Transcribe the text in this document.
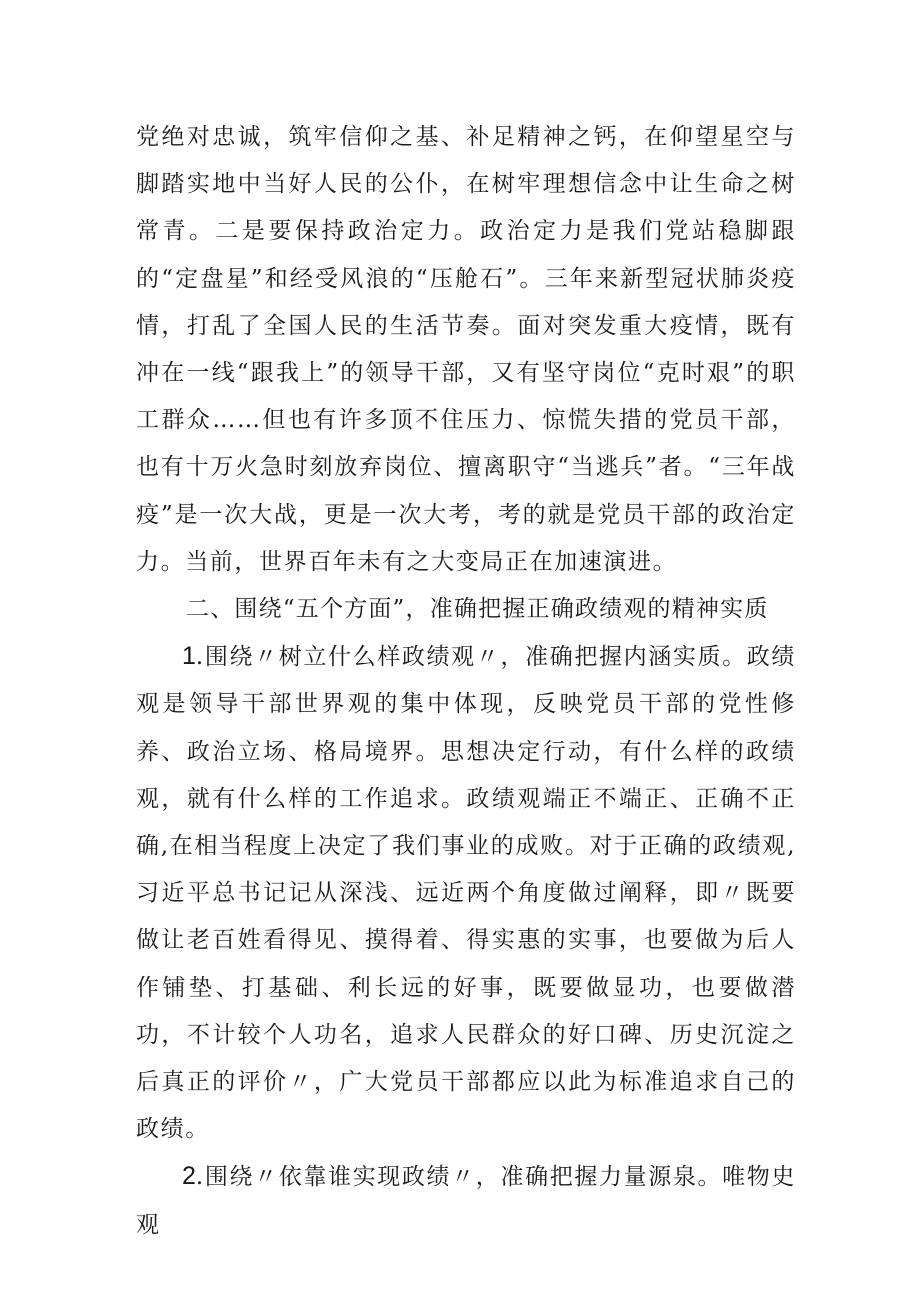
党绝对忠诚，筑牢信仰之基、补足精神之钙，在仰望星空与脚踏实地中当好人民的公仆，在树牢理想信念中让生命之树常青。二是要保持政治定力。政治定力是我们党站稳脚跟的“定盘星”和经受风浪的“压舱石”。三年来新型冠状肺炎疫情，打乱了全国人民的生活节奏。面对突发重大疫情，既有冲在一线“跟我上”的领导干部，又有坚守岗位“克时艰”的职工群众……但也有许多顶不住压力、惊慌失措的党员干部，也有十万火急时刻放弃岗位、擅离职守“当逃兵”者。“三年战疫”是一次大战，更是一次大考，考的就是党员干部的政治定力。当前，世界百年未有之大变局正在加速演进。

二、围绕“五个方面”，准确把握正确政绩观的精神实质

1.围绕〃树立什么样政绩观〃，准确把握内涵实质。政绩观是领导干部世界观的集中体现，反映党员干部的党性修养、政治立场、格局境界。思想决定行动，有什么样的政绩观，就有什么样的工作追求。政绩观端正不端正、正确不正确,在相当程度上决定了我们事业的成败。对于正确的政绩观,习近平总书记记从深浅、远近两个角度做过阐释，即〃既要做让老百姓看得见、摸得着、得实惠的实事，也要做为后人作铺垫、打基础、利长远的好事，既要做显功，也要做潜功，不计较个人功名，追求人民群众的好口碑、历史沉淀之后真正的评价〃，广大党员干部都应以此为标准追求自己的政绩。

2.围绕〃依靠谁实现政绩〃，准确把握力量源泉。唯物史观
